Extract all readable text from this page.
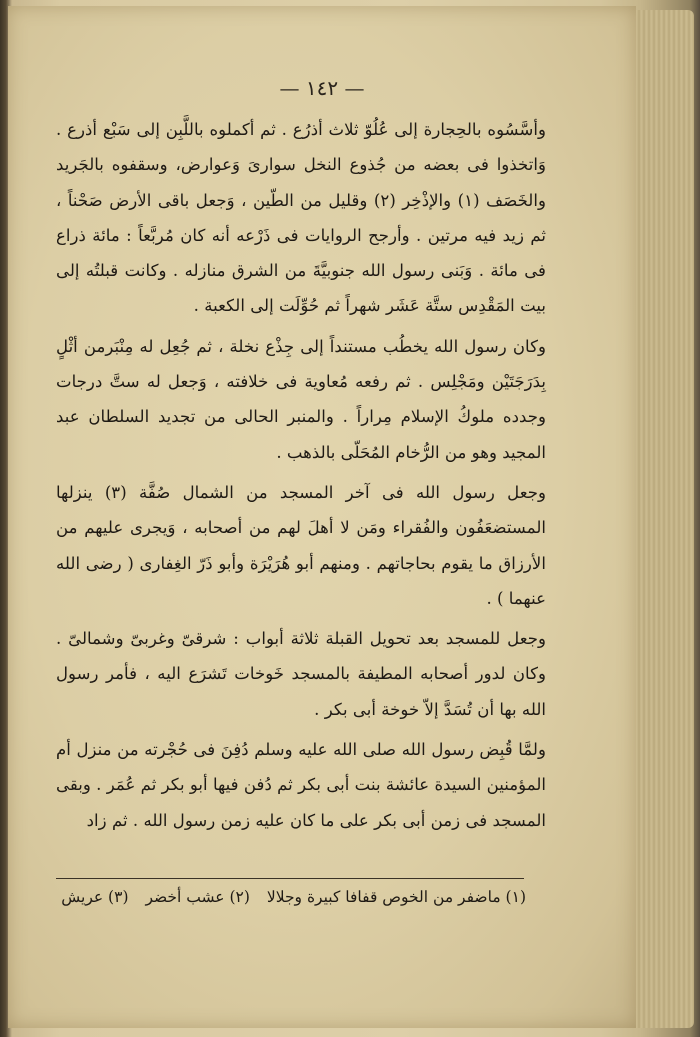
— ١٤٢ —

وأسَّسُوه بالحِجارة إلى عُلُوّ ثلاث أذرُع . ثم أكملوه باللَّبِن إلى سَبْع أذرع . وَاتخذوا فى بعضه من جُذوع النخل سوارىَ وَعوارض، وسقفوه بالجَريد والخَصَف (١) والإذْخِر (٢) وقليل من الطّين ، وَجعل باقى الأرض صَحْناً ، ثم زيد فيه مرتين . وأرجح الروايات فى ذَرْعه أنه كان مُربَّعاً : مائة ذراع فى مائة . وَبَنى رسول الله جنوبيَّةَ من الشرق منازله . وكانت قبلتُه إلى بيت المَقْدِس ستَّة عَشَر شهراً ثم حُوِّلَت إلى الكعبة .

وكان رسول الله يخطُب مستنداً إلى جِذْع نخلة ، ثم جُعِل له مِنْبَرمن أثْلٍ بِدَرَجَتَيْن ومَجْلِس . ثم رفعه مُعاوية فى خلافته ، وَجعل له ستَّ درجات وجدده ملوكُ الإسلام مِراراً . والمنبر الحالى من تجديد السلطان عبد المجيد وهو من الرُّخام المُحَلّى بالذهب .

وجعل رسول الله فى آخر المسجد من الشمال صُفَّة (٣) ينزلها المستضعَفُون والفُقراء ومَن لا أهلَ لهم من أصحابه ، وَيجرى عليهم من الأرزاق ما يقوم بحاجاتهم . ومنهم أبو هُرَيْرَة وأبو ذَرّ الغِفارى ( رضى الله عنهما ) .

وجعل للمسجد بعد تحويل القبلة ثلاثة أبواب : شرقىّ وغربىّ وشمالىّ . وكان لدور أصحابه المطيفة بالمسجد خَوخات تَشرَع اليه ، فأمر رسول الله بها أن تُسَدَّ إلاّ خوخة أبى بكر .

ولمَّا قُبِض رسول الله صلى الله عليه وسلم دُفِنَ فى حُجْرته من منزل أم المؤمنين السيدة عائشة بنت أبى بكر ثم دُفن فيها أبو بكر ثم عُمَر . وبقى المسجد فى زمن أبى بكر على ما كان عليه زمن رسول الله . ثم زاد

(١) ماضفر من الخوص قفافا كبيرة وجلالا (٢) عشب أخضر (٣) عريش
